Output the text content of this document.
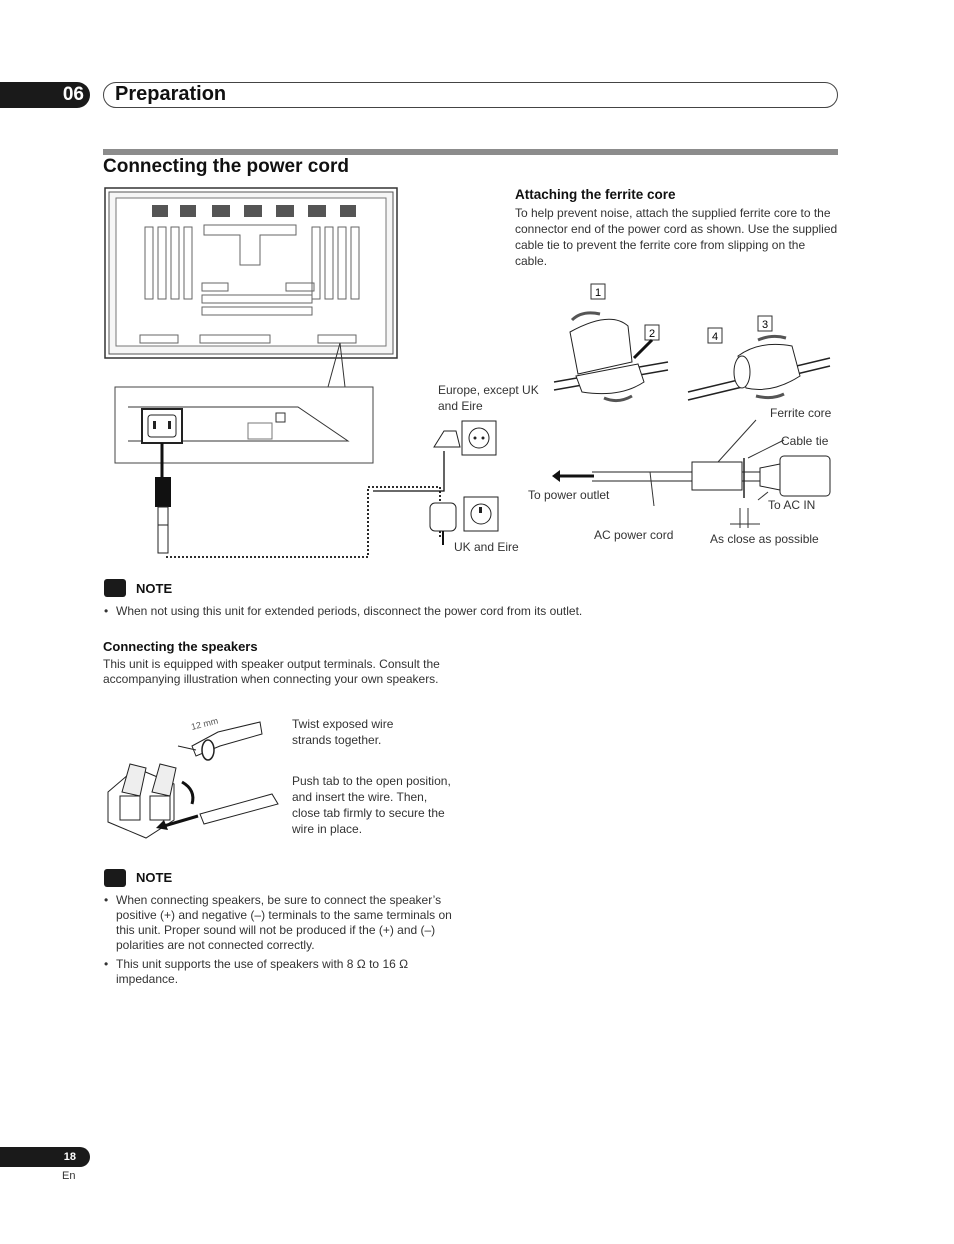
06	Preparation
Connecting the power cord
Europe, except UK and Eire
UK and Eire
Attaching the ferrite core
To help prevent noise, attach the supplied ferrite core to the connector end of the power cord as shown. Use the supplied cable tie to prevent the ferrite core from slipping on the cable.
1
2
3
4
Ferrite core
Cable tie
To power outlet
To AC IN
AC power cord	As close as possible
NOTE
• When not using this unit for extended periods, disconnect the power cord from its outlet.
Connecting the speakers
This unit is equipped with speaker output terminals. Consult the accompanying illustration when connecting your own speakers.
12 mm	Twist exposed wire strands together.
Push tab to the open position, and insert the wire. Then, close tab firmly to secure the wire in place.
NOTE
• When connecting speakers, be sure to connect the speaker’s positive (+) and negative (–) terminals to the same terminals on this unit. Proper sound will not be produced if the (+) and (–) polarities are not connected correctly.
• This unit supports the use of speakers with 8 Ω to 16 Ω impedance.
18
En
